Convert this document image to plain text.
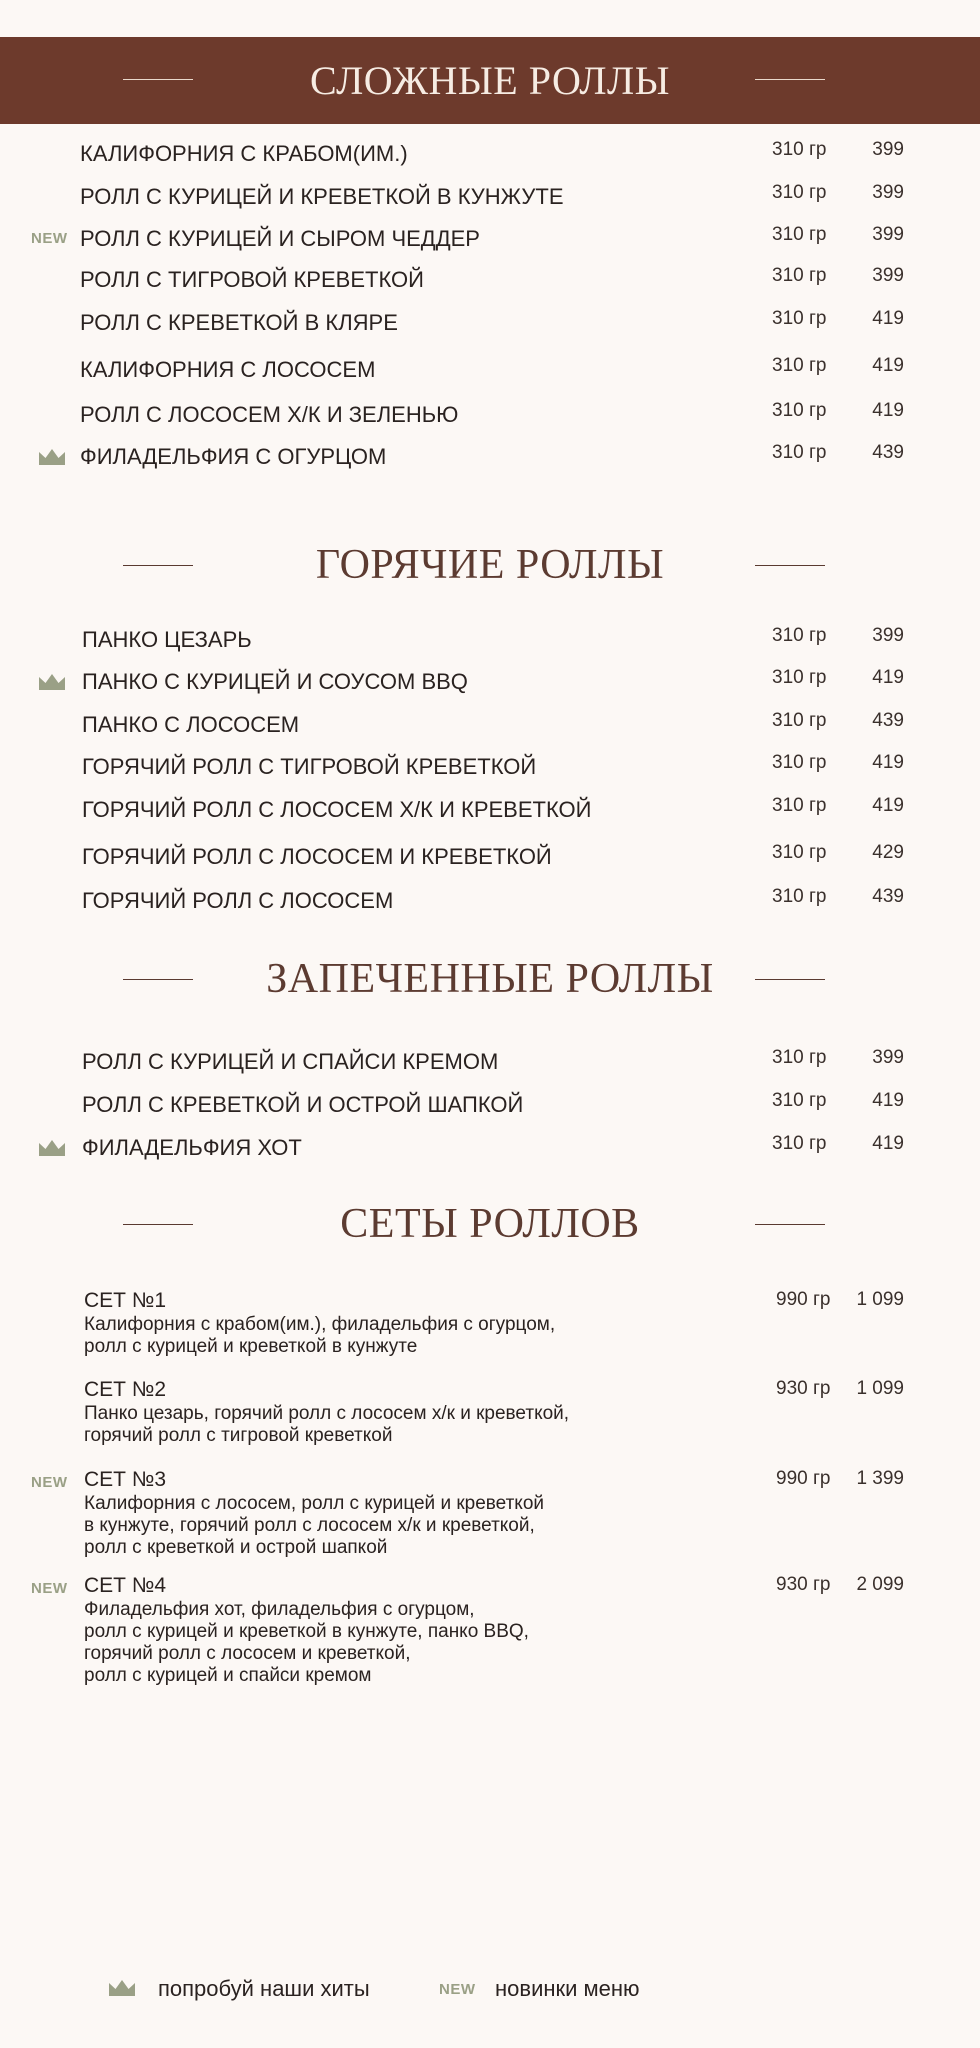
СЛОЖНЫЕ РОЛЛЫ
КАЛИФОРНИЯ С КРАБОМ(ИМ.)	310 гр	399
РОЛЛ С КУРИЦЕЙ И КРЕВЕТКОЙ В КУНЖУТЕ	310 гр	399
NEW РОЛЛ С КУРИЦЕЙ И СЫРОМ ЧЕДДЕР	310 гр	399
РОЛЛ С ТИГРОВОЙ КРЕВЕТКОЙ	310 гр	399
РОЛЛ С КРЕВЕТКОЙ В КЛЯРЕ	310 гр	419
КАЛИФОРНИЯ С ЛОСОСЕМ	310 гр	419
РОЛЛ С ЛОСОСЕМ Х/К И ЗЕЛЕНЬЮ	310 гр	419
ФИЛАДЕЛЬФИЯ С ОГУРЦОМ	310 гр	439
ГОРЯЧИЕ РОЛЛЫ
ПАНКО ЦЕЗАРЬ	310 гр	399
ПАНКО С КУРИЦЕЙ И СОУСОМ BBQ	310 гр	419
ПАНКО С ЛОСОСЕМ	310 гр	439
ГОРЯЧИЙ РОЛЛ С ТИГРОВОЙ КРЕВЕТКОЙ	310 гр	419
ГОРЯЧИЙ РОЛЛ С ЛОСОСЕМ Х/К И КРЕВЕТКОЙ	310 гр	419
ГОРЯЧИЙ РОЛЛ С ЛОСОСЕМ И КРЕВЕТКОЙ	310 гр	429
ГОРЯЧИЙ РОЛЛ С ЛОСОСЕМ	310 гр	439
ЗАПЕЧЕННЫЕ РОЛЛЫ
РОЛЛ С КУРИЦЕЙ И СПАЙСИ КРЕМОМ	310 гр	399
РОЛЛ С КРЕВЕТКОЙ И ОСТРОЙ ШАПКОЙ	310 гр	419
ФИЛАДЕЛЬФИЯ ХОТ	310 гр	419
СЕТЫ РОЛЛОВ
СЕТ №1
Калифорния с крабом(им.), филадельфия с огурцом,
ролл с курицей и креветкой в кунжуте
990 гр 1 099
СЕТ №2
Панко цезарь, горячий ролл с лососем х/к и креветкой,
горячий ролл с тигровой креветкой
930 гр 1 099
NEW СЕТ №3
Калифорния с лососем, ролл с курицей и креветкой
в кунжуте, горячий ролл с лососем х/к и креветкой,
ролл с креветкой и острой шапкой
990 гр 1 399
NEW СЕТ №4
Филадельфия хот, филадельфия с огурцом,
ролл с курицей и креветкой в кунжуте, панко BBQ,
горячий ролл с лососем и креветкой,
ролл с курицей и спайси кремом
930 гр 2 099
попробуй наши хиты	NEW новинки меню
